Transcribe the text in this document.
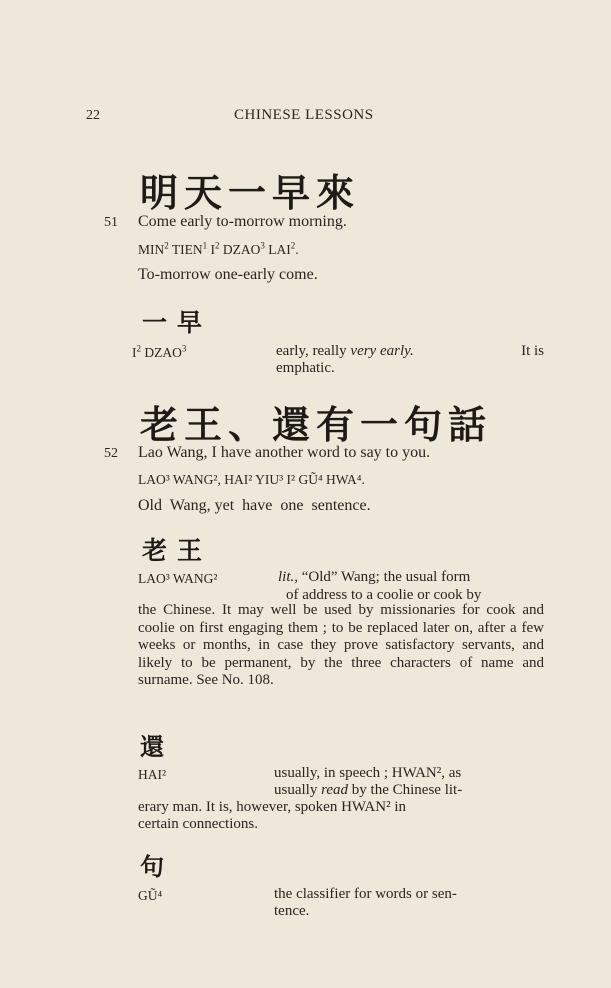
22	CHINESE LESSONS
明天一早來
51 Come early to-morrow morning.
MIN$^2$ TIEN$^1$ $I^2$ DZAO$^3$ LAI$^2$.
To-morrow one-early come.
一早
$I^2$ DZAO$^3$	early, really very early.	It is
emphatic.
老王、還有一句話
52 Lao Wang, I have another word to say to you.
LAO³ WANG², HAI² YIU³ I² GŨ⁴ HWA⁴.
Old  Wang, yet  have  one  sentence.
老王
LAO³ WANG²	lit., “Old” Wang; the usual form
of address to a coolie or cook by
the Chinese. It may well be used by missionaries for cook and coolie on first engaging them ; to be replaced later on, after a few weeks or months, in case they prove satisfactory servants, and likely to be permanent, by the three characters of name and surname. See No. 108.
還
HAI²	usually, in speech ; HWAN², as
usually read by the Chinese lit-
erary man. It is, however, spoken HWAN² in
certain connections.
句
GŨ⁴	the classifier for words or sen-
tence.
